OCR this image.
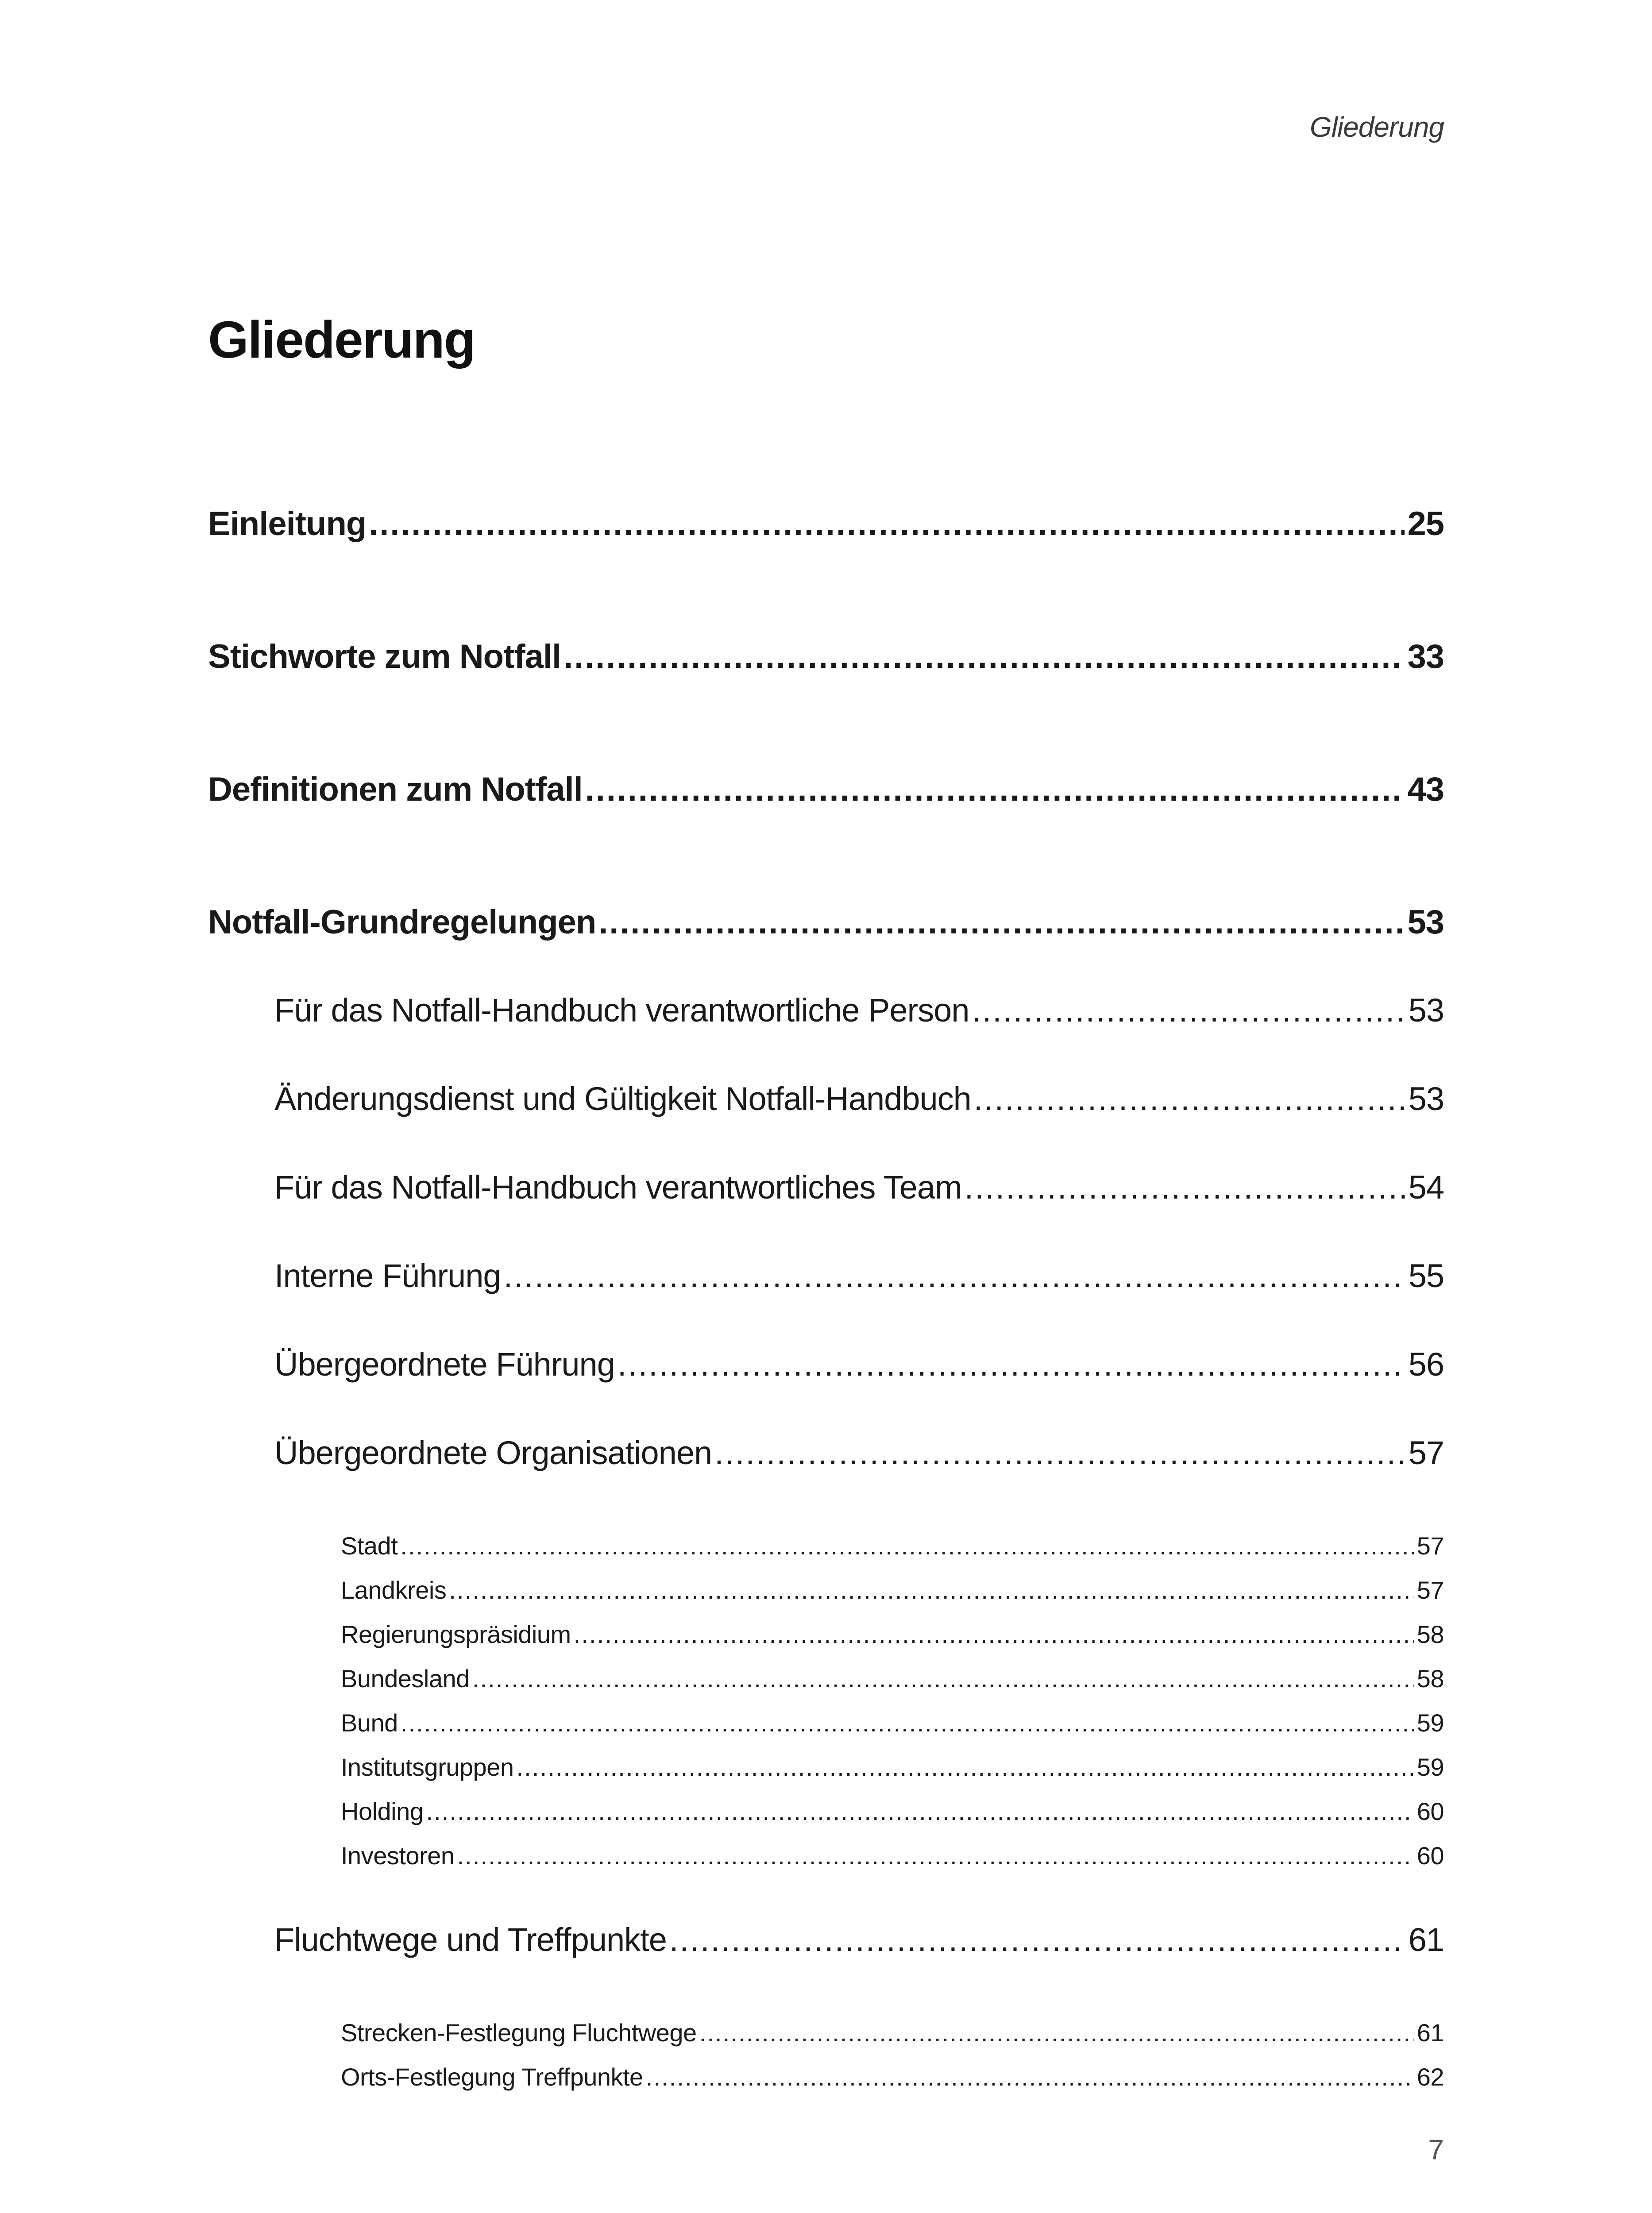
Gliederung
Gliederung
Einleitung . . .	25
Stichworte zum Notfall . . .	33
Definitionen zum Notfall . . .	43
Notfall-Grundregelungen . . .	53
Für das Notfall-Handbuch verantwortliche Person . . .	53
Änderungsdienst und Gültigkeit Notfall-Handbuch . . .	53
Für das Notfall-Handbuch verantwortliches Team . . .	54
Interne Führung . . .	55
Übergeordnete Führung . . .	56
Übergeordnete Organisationen . . .	57
Stadt . . .	57
Landkreis . . .	57
Regierungspräsidium . . .	58
Bundesland . . .	58
Bund . . .	59
Institutsgruppen . . .	59
Holding . . .	60
Investoren . . .	60
Fluchtwege und Treffpunkte . . .	61
Strecken-Festlegung Fluchtwege . . .	61
Orts-Festlegung Treffpunkte . . .	62
7
